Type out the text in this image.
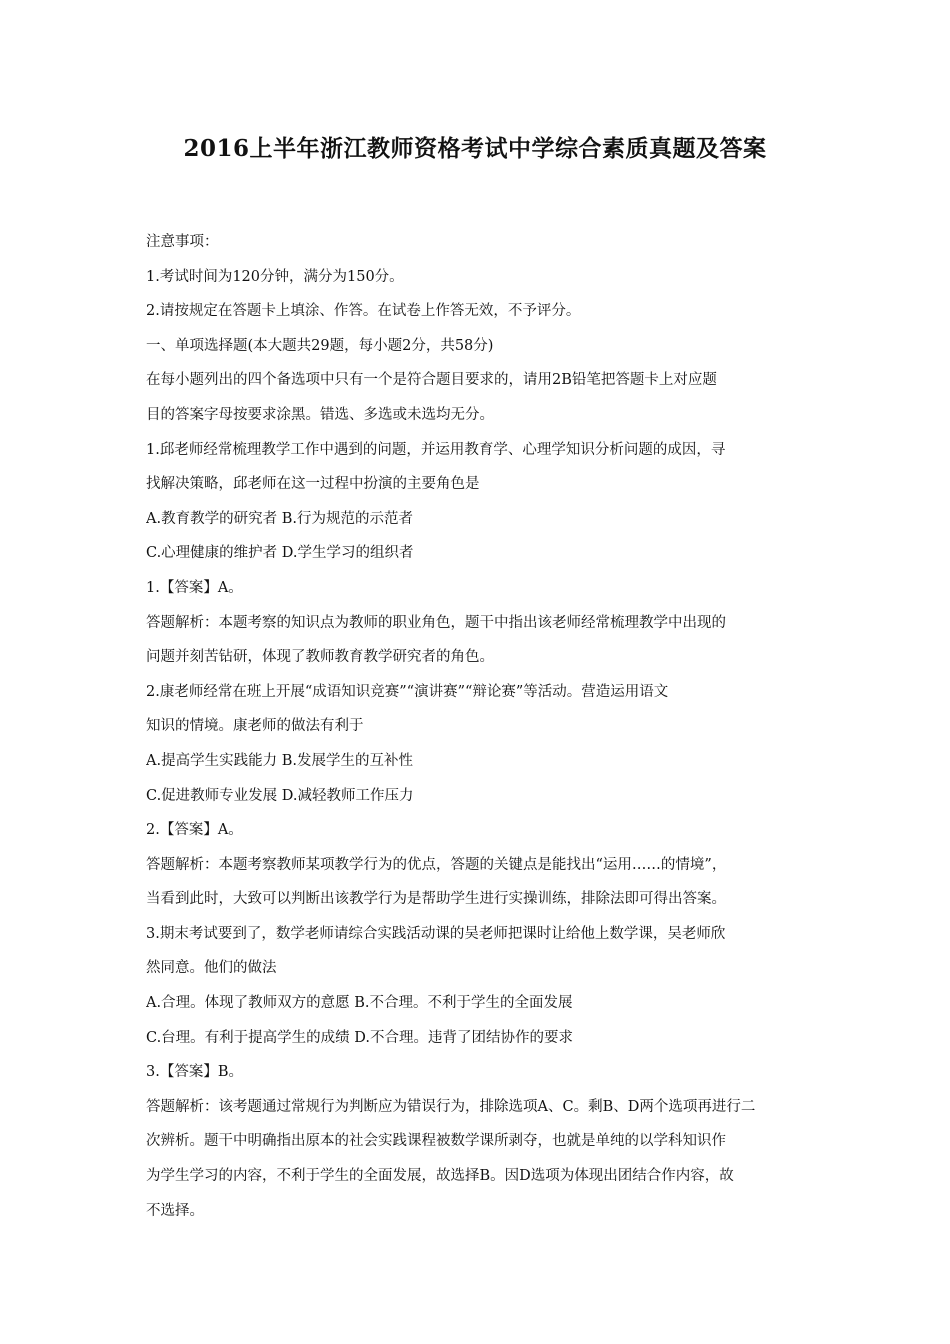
2016上半年浙江教师资格考试中学综合素质真题及答案
注意事项：
1.考试时间为120分钟，满分为150分。
2.请按规定在答题卡上填涂、作答。在试卷上作答无效，不予评分。
一、单项选择题(本大题共29题，每小题2分，共58分)
在每小题列出的四个备选项中只有一个是符合题目要求的，请用2B铅笔把答题卡上对应题
目的答案字母按要求涂黑。错选、多选或未选均无分。
1.邱老师经常梳理教学工作中遇到的问题，并运用教育学、心理学知识分析问题的成因，寻
找解决策略，邱老师在这一过程中扮演的主要角色是
A.教育教学的研究者 B.行为规范的示范者
C.心理健康的维护者 D.学生学习的组织者
1.【答案】A。
答题解析：本题考察的知识点为教师的职业角色，题干中指出该老师经常梳理教学中出现的
问题并刻苦钻研，体现了教师教育教学研究者的角色。
2.康老师经常在班上开展“成语知识竞赛”“演讲赛”“辩论赛”等活动。营造运用语文
知识的情境。康老师的做法有利于
A.提高学生实践能力 B.发展学生的互补性
C.促进教师专业发展 D.减轻教师工作压力
2.【答案】A。
答题解析：本题考察教师某项教学行为的优点，答题的关键点是能找出“运用……的情境”，
当看到此时，大致可以判断出该教学行为是帮助学生进行实操训练，排除法即可得出答案。
3.期末考试要到了，数学老师请综合实践活动课的吴老师把课时让给他上数学课，吴老师欣
然同意。他们的做法
A.合理。体现了教师双方的意愿 B.不合理。不利于学生的全面发展
C.台理。有利于提高学生的成绩 D.不合理。违背了团结协作的要求
3.【答案】B。
答题解析：该考题通过常规行为判断应为错误行为，排除选项A、C。剩B、D两个选项再进行二
次辨析。题干中明确指出原本的社会实践课程被数学课所剥夺，也就是单纯的以学科知识作
为学生学习的内容，不利于学生的全面发展，故选择B。因D选项为体现出团结合作内容，故
不选择。
